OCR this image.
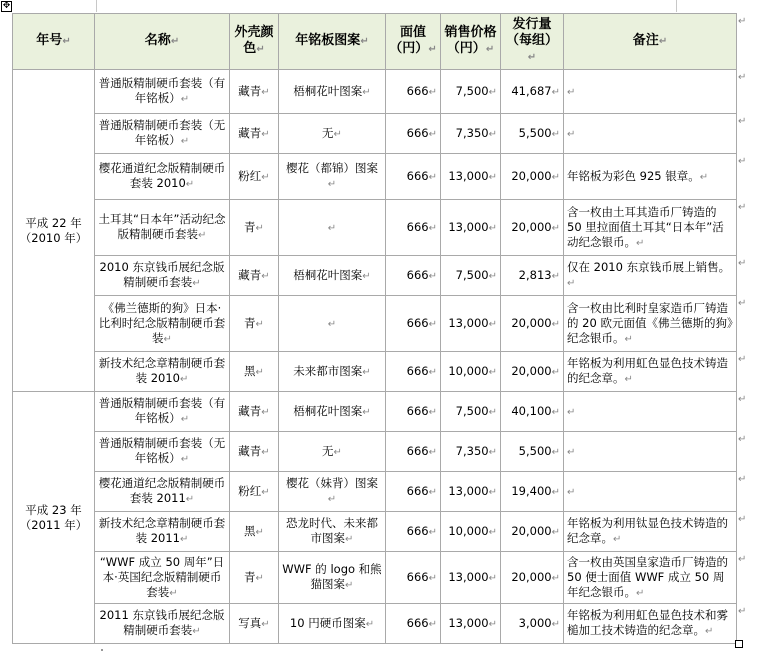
✥
年号↵	名称↵	外壳颜色↵	年铭板图案↵	面值（円）↵	销售价格（円）↵	发行量（每组）↵	备注↵
平成 22 年（2010 年）	普通版精制硬币套装（有年铭板）↵	藏青↵	梧桐花叶图案↵	666↵	7,500↵	41,687↵	↵
	普通版精制硬币套装（无年铭板）↵	藏青↵	无↵	666↵	7,350↵	5,500↵	↵
	樱花通道纪念版精制硬币套装 2010↵	粉红↵	樱花（都锦）图案↵	666↵	13,000↵	20,000↵	年铭板为彩色 925 银章。↵
	土耳其“日本年”活动纪念版精制硬币套装↵	青↵	↵	666↵	13,000↵	20,000↵	含一枚由土耳其造币厂铸造的 50 里拉面值土耳其“日本年”活动纪念银币。↵
	2010 东京钱币展纪念版精制硬币套装↵	藏青↵	梧桐花叶图案↵	666↵	7,500↵	2,813↵	仅在 2010 东京钱币展上销售。↵
	《佛兰德斯的狗》日本·比利时纪念版精制硬币套装↵	青↵	↵	666↵	13,000↵	20,000↵	含一枚由比利时皇家造币厂铸造的 20 欧元面值《佛兰德斯的狗》纪念银币。↵
	新技术纪念章精制硬币套装 2010↵	黑↵	未来都市图案↵	666↵	10,000↵	20,000↵	年铭板为利用虹色显色技术铸造的纪念章。↵
平成 23 年（2011 年）	普通版精制硬币套装（有年铭板）↵	藏青↵	梧桐花叶图案↵	666↵	7,500↵	40,100↵	↵
	普通版精制硬币套装（无年铭板）↵	藏青↵	无↵	666↵	7,350↵	5,500↵	↵
	樱花通道纪念版精制硬币套装 2011↵	粉红↵	樱花（妹背）图案↵	666↵	13,000↵	19,400↵	↵
	新技术纪念章精制硬币套装 2011↵	黑↵	恐龙时代、未来都市图案↵	666↵	10,000↵	20,000↵	年铭板为利用钛显色技术铸造的纪念章。↵
	“WWF 成立 50 周年”日本·英国纪念版精制硬币套装↵	青↵	WWF 的 logo 和熊猫图案↵	666↵	13,000↵	20,000↵	含一枚由英国皇家造币厂铸造的 50 便士面值 WWF 成立 50 周年纪念银币。↵
	2011 东京钱币展纪念版精制硬币套装↵	写真↵	10 円硬币图案↵	666↵	13,000↵	3,000↵	年铭板为利用虹色显色技术和雾槌加工技术铸造的纪念章。↵
↵
↵
↵
↵
↵
↵
↵
↵
↵
↵
↵
↵
↵
↵
